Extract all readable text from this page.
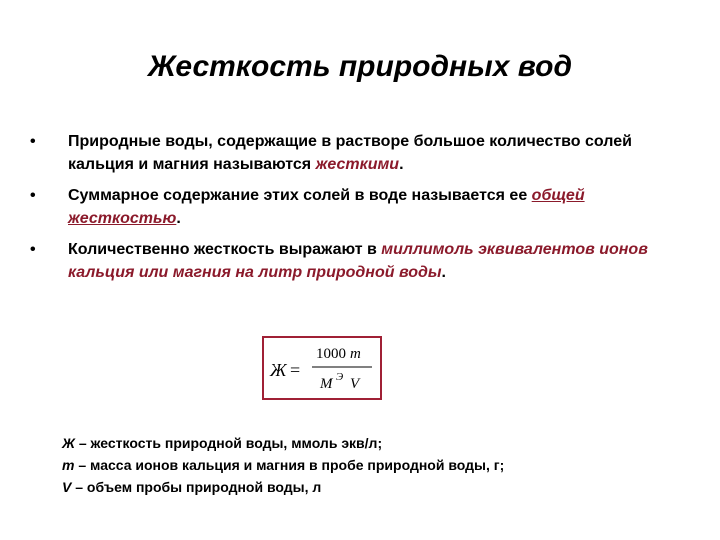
Жесткость природных вод
•	Природные воды, содержащие в растворе большое количество солей кальция и магния называются жесткими.
•	Суммарное содержание этих солей в воде называется ее общей жесткостью.
•	Количественно жесткость выражают в миллимоль эквивалентов ионов кальция или магния на литр природной воды.
Ж =
1000 m
M Э V
Ж – жесткость природной воды, ммоль экв/л;
m – масса ионов кальция и магния в пробе природной воды, г;
V – объем пробы природной воды, л
